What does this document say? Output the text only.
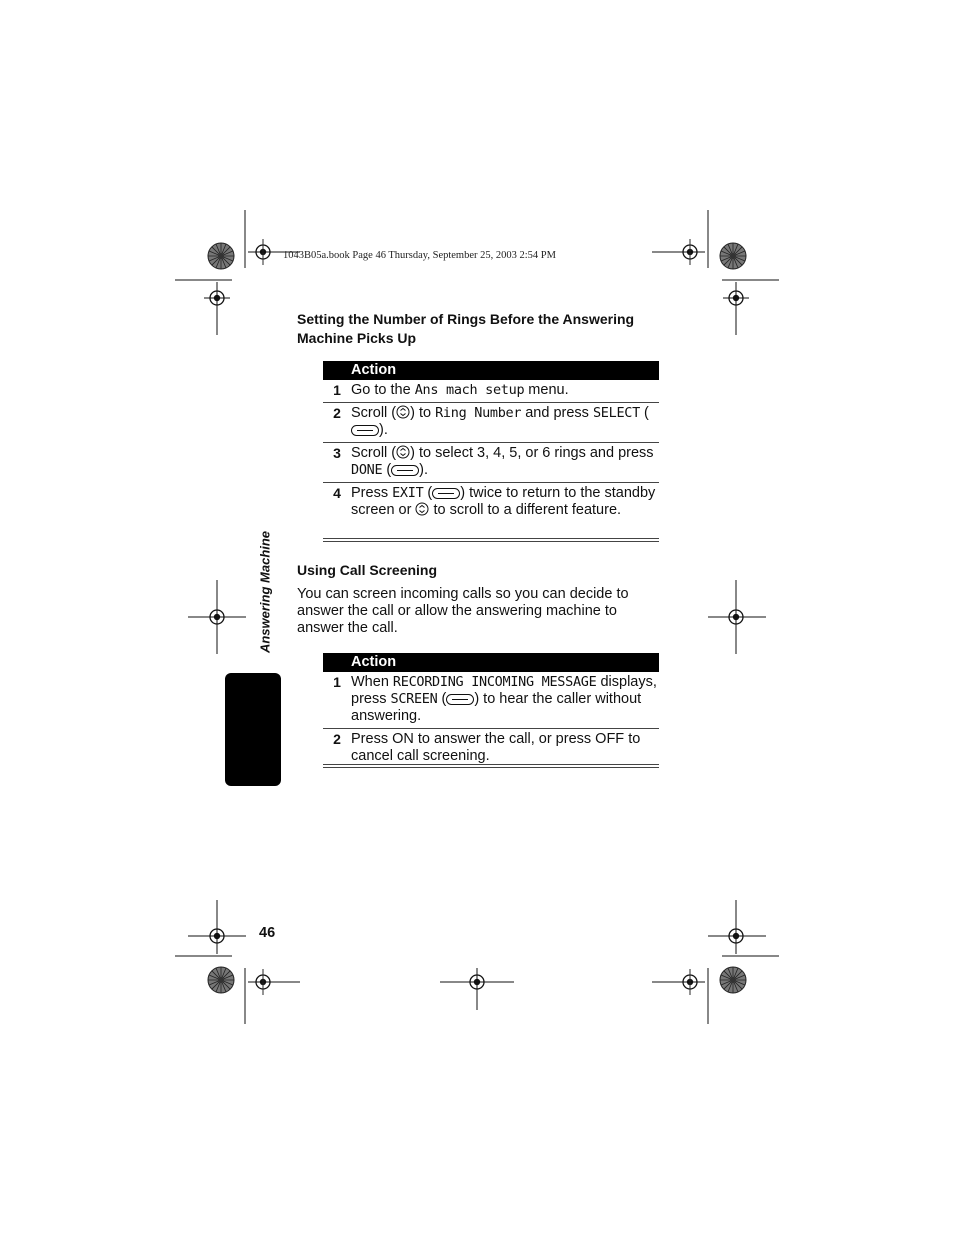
1043B05a.book Page 46 Thursday, September 25, 2003 2:54 PM
Setting the Number of Rings Before the Answering Machine Picks Up
	Action
1	Go to the Ans mach setup menu.
2	Scroll ( ) to Ring Number and press SELECT ().
3	Scroll ( ) to select 3, 4, 5, or 6 rings and press DONE ( ).
4	Press EXIT ( ) twice to return to the standby screen or  to scroll to a different feature.
Using Call Screening
You can screen incoming calls so you can decide to answer the call or allow the answering machine to answer the call.
	Action
1	When RECORDING INCOMING MESSAGE displays, press SCREEN ( ) to hear the caller without answering.
2	Press ON to answer the call, or press OFF to cancel call screening.
Answering Machine
46
